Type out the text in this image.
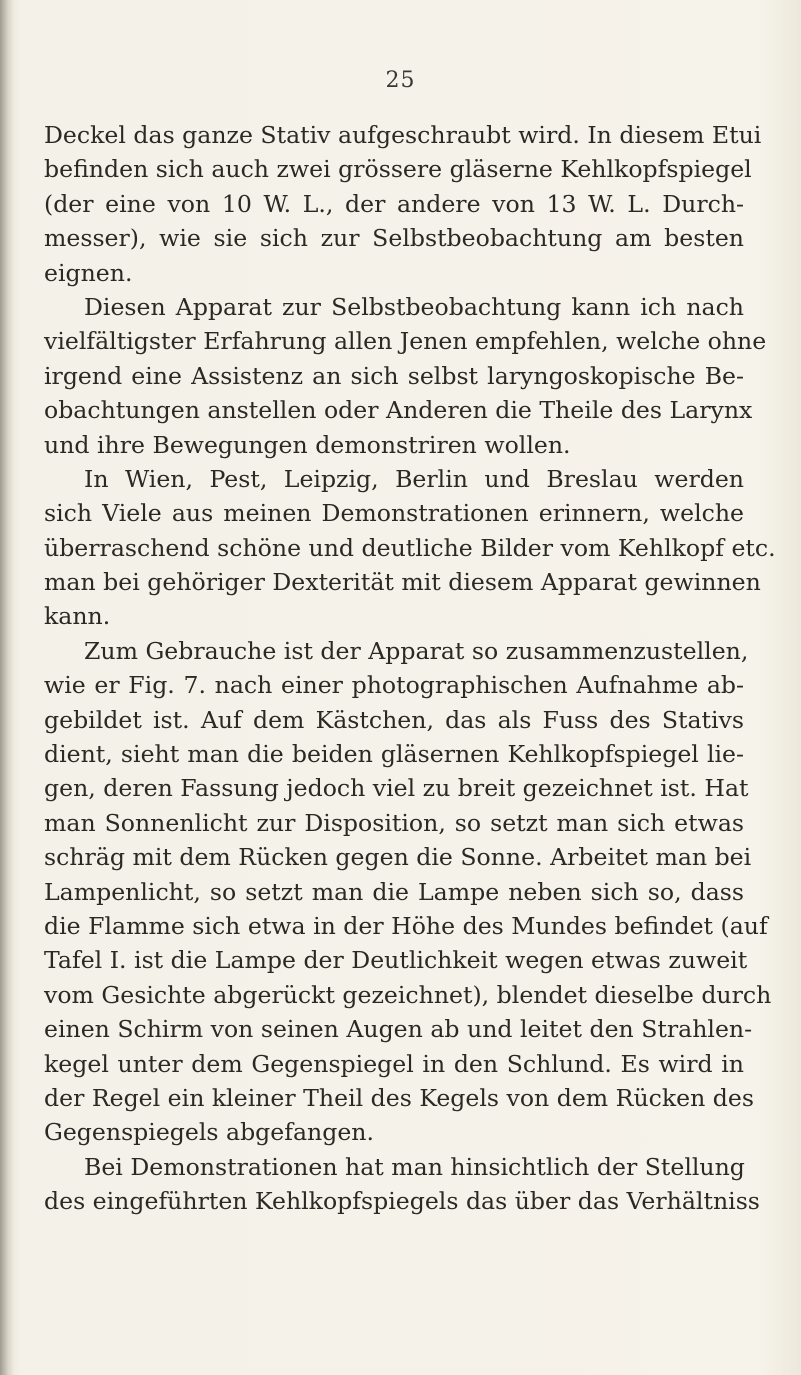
25
Deckel das ganze Stativ aufgeschraubt wird. In diesem Etui
befinden sich auch zwei grössere gläserne Kehlkopfspiegel
(der eine von 10 W. L., der andere von 13 W. L. Durch-
messer), wie sie sich zur Selbstbeobachtung am besten
eignen.
Diesen Apparat zur Selbstbeobachtung kann ich nach
vielfältigster Erfahrung allen Jenen empfehlen, welche ohne
irgend eine Assistenz an sich selbst laryngoskopische Be-
obachtungen anstellen oder Anderen die Theile des Larynx
und ihre Bewegungen demonstriren wollen.
In Wien, Pest, Leipzig, Berlin und Breslau werden
sich Viele aus meinen Demonstrationen erinnern, welche
überraschend schöne und deutliche Bilder vom Kehlkopf etc.
man bei gehöriger Dexterität mit diesem Apparat gewinnen
kann.
Zum Gebrauche ist der Apparat so zusammenzustellen,
wie er Fig. 7. nach einer photographischen Aufnahme ab-
gebildet ist. Auf dem Kästchen, das als Fuss des Stativs
dient, sieht man die beiden gläsernen Kehlkopfspiegel lie-
gen, deren Fassung jedoch viel zu breit gezeichnet ist. Hat
man Sonnenlicht zur Disposition, so setzt man sich etwas
schräg mit dem Rücken gegen die Sonne. Arbeitet man bei
Lampenlicht, so setzt man die Lampe neben sich so, dass
die Flamme sich etwa in der Höhe des Mundes befindet (auf
Tafel I. ist die Lampe der Deutlichkeit wegen etwas zuweit
vom Gesichte abgerückt gezeichnet), blendet dieselbe durch
einen Schirm von seinen Augen ab und leitet den Strahlen-
kegel unter dem Gegenspiegel in den Schlund. Es wird in
der Regel ein kleiner Theil des Kegels von dem Rücken des
Gegenspiegels abgefangen.
Bei Demonstrationen hat man hinsichtlich der Stellung
des eingeführten Kehlkopfspiegels das über das Verhältniss
